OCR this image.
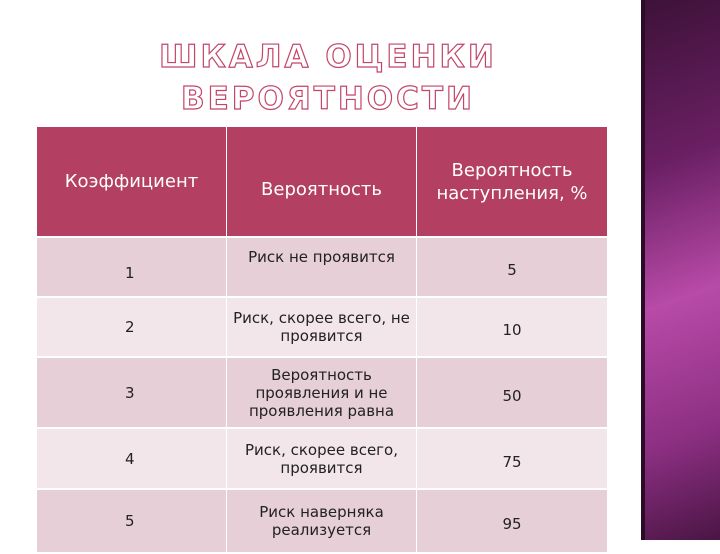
ШКАЛА ОЦЕНКИ ВЕРОЯТНОСТИ
Коэффициент	Вероятность	Вероятность наступления, %
1	Риск не проявится	5
2	Риск, скорее всего, не проявится	10
3	Вероятность проявления и не проявления равна	50
4	Риск, скорее всего, проявится	75
5	Риск наверняка реализуется	95
